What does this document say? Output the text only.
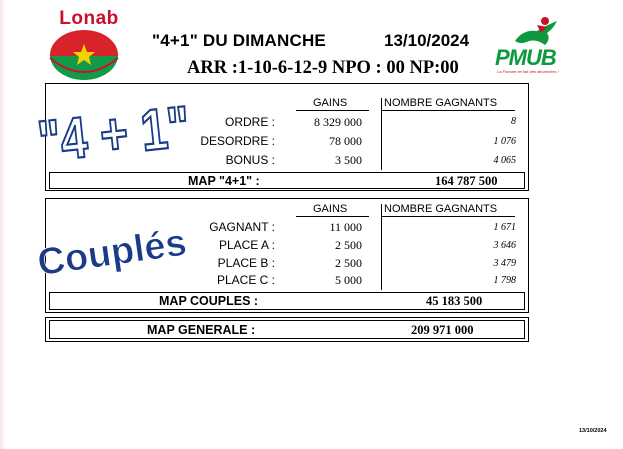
Lonab
PMUB
La Fortune en fait des dimanches !
"4+1" DU DIMANCHE	13/10/2024
ARR :1-10-6-12-9 NPO : 00 NP:00
"4 + 1"	GAINS	NOMBRE GAGNANTS
ORDRE :	8 329 000	8
DESORDRE :	78 000	1 076
BONUS :	3 500	4 065
MAP "4+1" :	164 787 500
Couplés
GAINS	NOMBRE GAGNANTS
GAGNANT :	11 000	1 671
PLACE A :	2 500	3 646
PLACE B :	2 500	3 479
PLACE C :	5 000	1 798
MAP COUPLES :	45 183 500
MAP GENERALE :	209 971 000
13/10/2024
